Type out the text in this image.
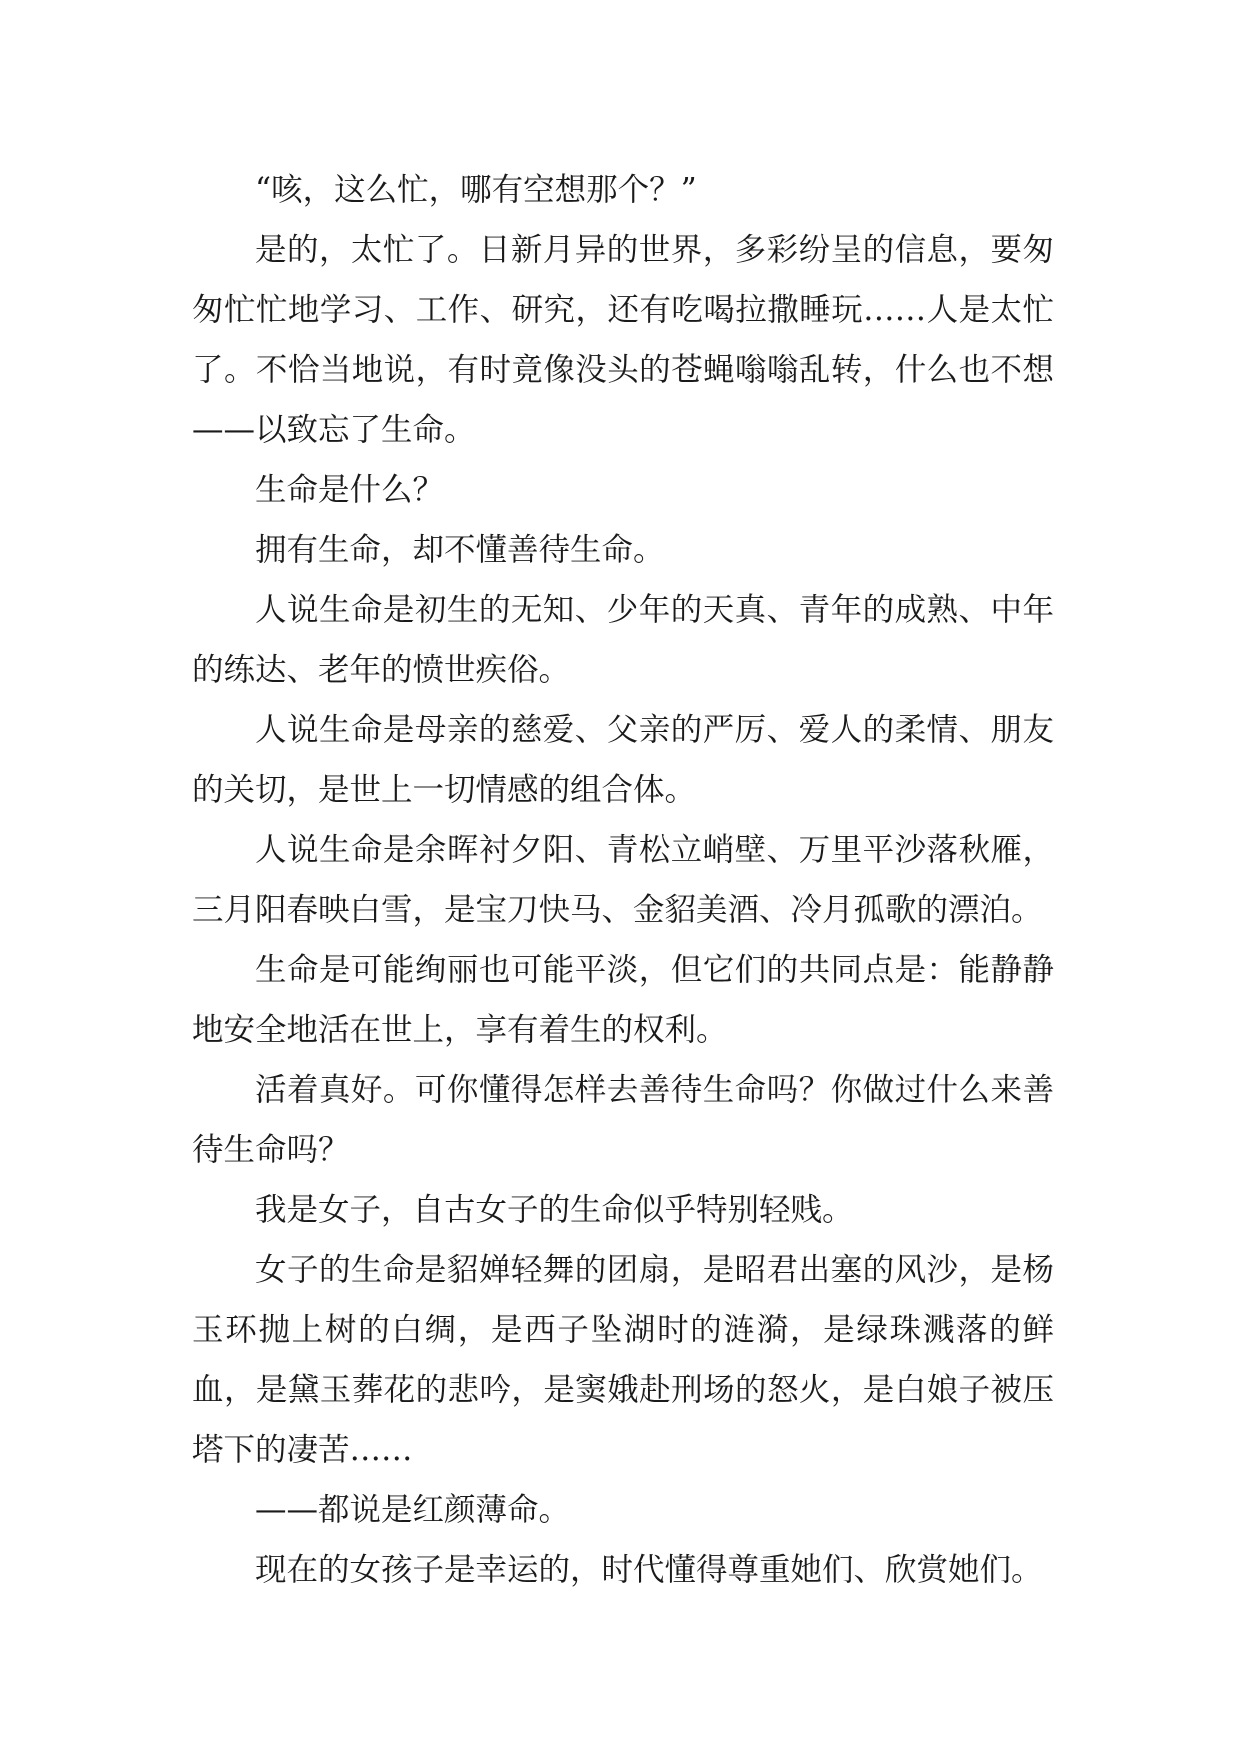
“咳，这么忙，哪有空想那个？”

是的，太忙了。日新月异的世界，多彩纷呈的信息，要匆匆忙忙地学习、工作、研究，还有吃喝拉撒睡玩……人是太忙了。不恰当地说，有时竟像没头的苍蝇嗡嗡乱转，什么也不想——以致忘了生命。

生命是什么？

拥有生命，却不懂善待生命。

人说生命是初生的无知、少年的天真、青年的成熟、中年的练达、老年的愤世疾俗。

人说生命是母亲的慈爱、父亲的严厉、爱人的柔情、朋友的关切，是世上一切情感的组合体。

人说生命是余晖衬夕阳、青松立峭壁、万里平沙落秋雁，三月阳春映白雪，是宝刀快马、金貂美酒、冷月孤歌的漂泊。

生命是可能绚丽也可能平淡，但它们的共同点是：能静静地安全地活在世上，享有着生的权利。

活着真好。可你懂得怎样去善待生命吗？你做过什么来善待生命吗？

我是女子，自古女子的生命似乎特别轻贱。

女子的生命是貂婵轻舞的团扇，是昭君出塞的风沙，是杨玉环抛上树的白绸，是西子坠湖时的涟漪，是绿珠溅落的鲜血，是黛玉葬花的悲吟，是窦娥赴刑场的怒火，是白娘子被压塔下的凄苦……

——都说是红颜薄命。

现在的女孩子是幸运的，时代懂得尊重她们、欣赏她们。
